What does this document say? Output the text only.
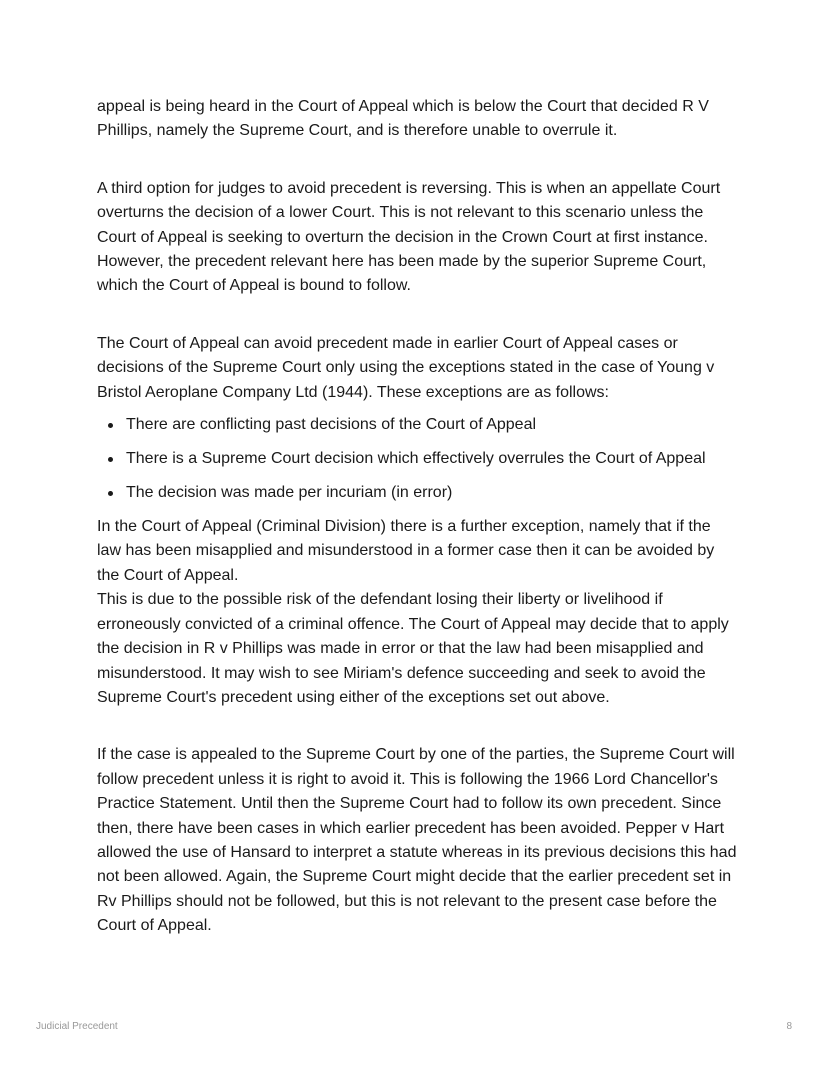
appeal is being heard in the Court of Appeal which is below the Court that decided R V Phillips, namely the Supreme Court, and is therefore unable to overrule it.

A third option for judges to avoid precedent is reversing. This is when an appellate Court overturns the decision of a lower Court. This is not relevant to this scenario unless the Court of Appeal is seeking to overturn the decision in the Crown Court at first instance. However, the precedent relevant here has been made by the superior Supreme Court, which the Court of Appeal is bound to follow.

The Court of Appeal can avoid precedent made in earlier Court of Appeal cases or decisions of the Supreme Court only using the exceptions stated in the case of Young v Bristol Aeroplane Company Ltd (1944). These exceptions are as follows:

There are conflicting past decisions of the Court of Appeal
There is a Supreme Court decision which effectively overrules the Court of Appeal
The decision was made per incuriam (in error)

In the Court of Appeal (Criminal Division) there is a further exception, namely that if the law has been misapplied and misunderstood in a former case then it can be avoided by the Court of Appeal.

This is due to the possible risk of the defendant losing their liberty or livelihood if erroneously convicted of a criminal offence. The Court of Appeal may decide that to apply the decision in R v Phillips was made in error or that the law had been misapplied and misunderstood. It may wish to see Miriam's defence succeeding and seek to avoid the Supreme Court's precedent using either of the exceptions set out above.

If the case is appealed to the Supreme Court by one of the parties, the Supreme Court will follow precedent unless it is right to avoid it. This is following the 1966 Lord Chancellor's Practice Statement. Until then the Supreme Court had to follow its own precedent. Since then, there have been cases in which earlier precedent has been avoided. Pepper v Hart allowed the use of Hansard to interpret a statute whereas in its previous decisions this had not been allowed. Again, the Supreme Court might decide that the earlier precedent set in Rv Phillips should not be followed, but this is not relevant to the present case before the Court of Appeal.

Judicial Precedent	8
